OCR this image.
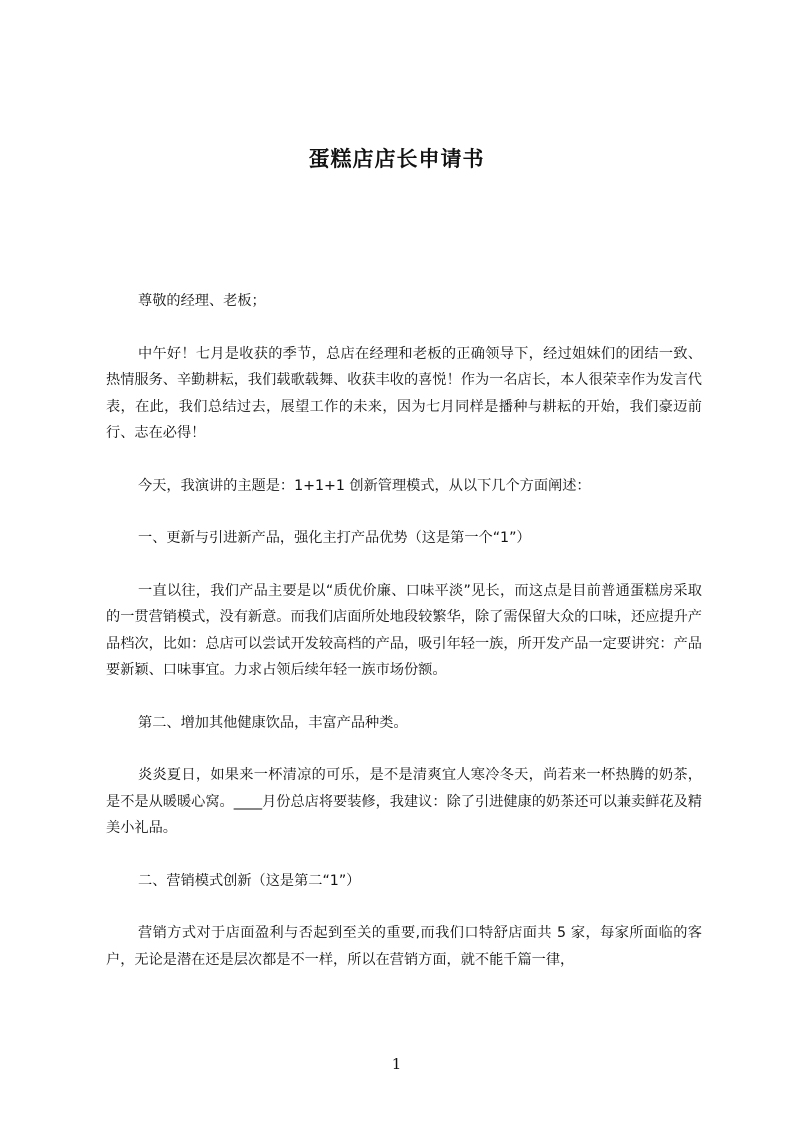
蛋糕店店长申请书

尊敬的经理、老板；

中午好！七月是收获的季节，总店在经理和老板的正确领导下，经过姐妹们的团结一致、热情服务、辛勤耕耘，我们载歌载舞、收获丰收的喜悦！作为一名店长，本人很荣幸作为发言代表，在此，我们总结过去，展望工作的未来，因为七月同样是播种与耕耘的开始，我们豪迈前行、志在必得！

今天，我演讲的主题是：1+1+1 创新管理模式，从以下几个方面阐述：

一、更新与引进新产品，强化主打产品优势（这是第一个“1”）

一直以往，我们产品主要是以“质优价廉、口味平淡”见长，而这点是目前普通蛋糕房采取的一贯营销模式，没有新意。而我们店面所处地段较繁华，除了需保留大众的口味，还应提升产品档次，比如：总店可以尝试开发较高档的产品，吸引年轻一族，所开发产品一定要讲究：产品要新颖、口味事宜。力求占领后续年轻一族市场份额。

第二、增加其他健康饮品，丰富产品种类。

炎炎夏日，如果来一杯清凉的可乐，是不是清爽宜人寒冷冬天，尚若来一杯热腾的奶茶，是不是从暖暖心窝。____月份总店将要装修，我建议：除了引进健康的奶茶还可以兼卖鲜花及精美小礼品。

二、营销模式创新（这是第二“1”）

营销方式对于店面盈利与否起到至关的重要,而我们口特舒店面共 5 家，每家所面临的客户，无论是潜在还是层次都是不一样，所以在营销方面，就不能千篇一律，

1
